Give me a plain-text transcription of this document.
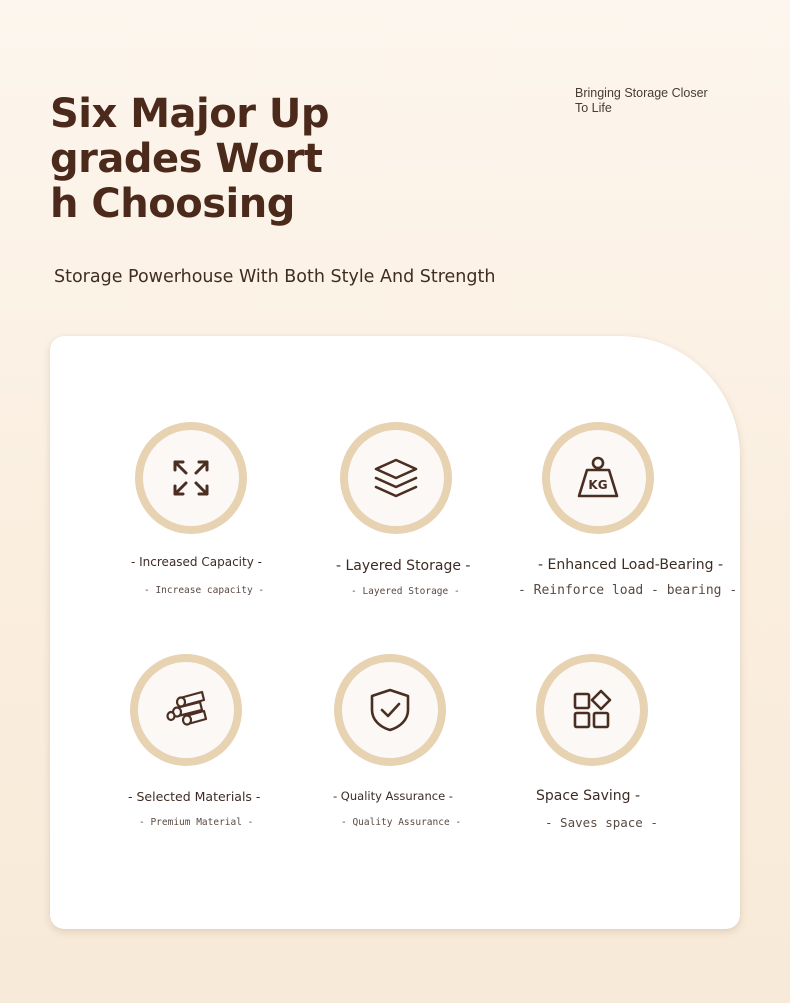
Six Major Upgrades Worth Choosing
Bringing Storage Closer To Life
Storage Powerhouse With Both Style And Strength
- Increased Capacity -
- Increase capacity -
- Layered Storage -
- Layered Storage -
KG
- Enhanced Load-Bearing -
- Reinforce load - bearing -
- Selected Materials -
- Premium Material -
- Quality Assurance -
- Quality Assurance -
Space Saving -
- Saves space -
